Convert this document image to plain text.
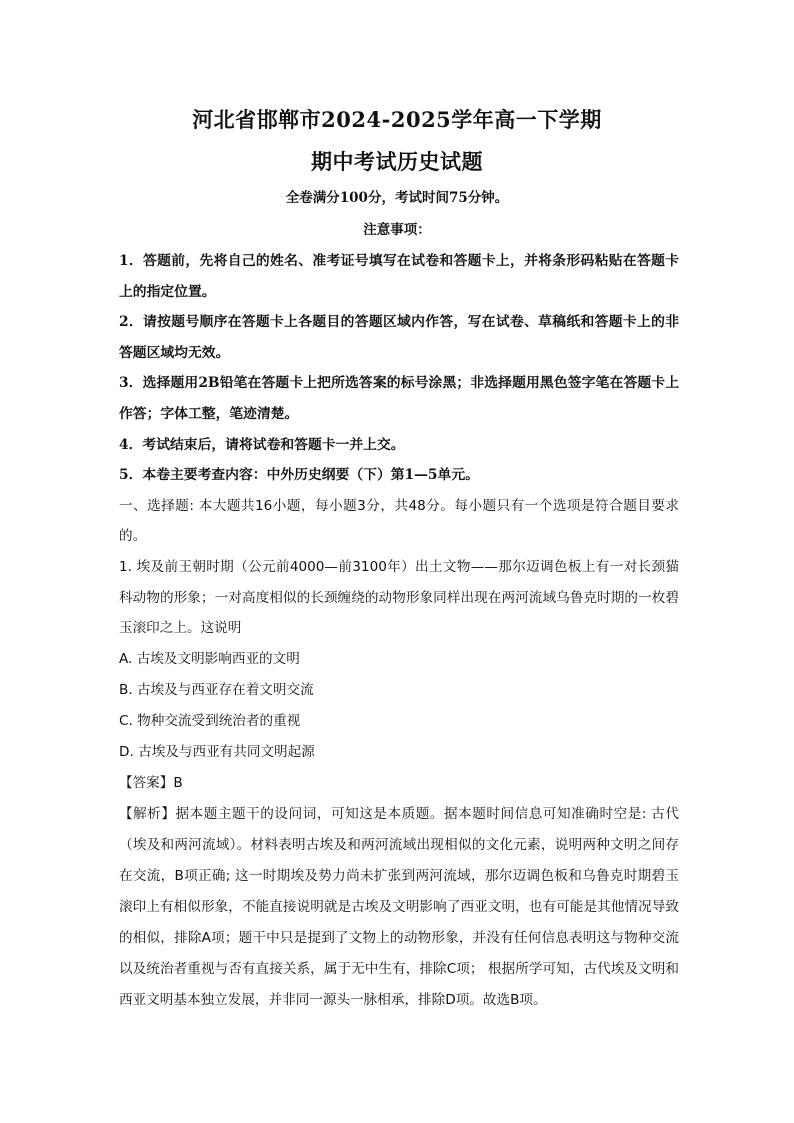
河北省邯郸市2024-2025学年高一下学期
期中考试历史试题
全卷满分100分，考试时间75分钟。
注意事项：

1．答题前，先将自己的姓名、准考证号填写在试卷和答题卡上，并将条形码粘贴在答题卡上的指定位置。

2．请按题号顺序在答题卡上各题目的答题区域内作答，写在试卷、草稿纸和答题卡上的非答题区域均无效。

3．选择题用2B铅笔在答题卡上把所选答案的标号涂黑；非选择题用黑色签字笔在答题卡上作答；字体工整，笔迹清楚。

4．考试结束后，请将试卷和答题卡一并上交。

5．本卷主要考查内容：中外历史纲要（下）第1—5单元。

一、选择题: 本大题共16小题，每小题3分，共48分。每小题只有一个选项是符合题目要求的。

1. 埃及前王朝时期（公元前4000—前3100年）出土文物——那尔迈调色板上有一对长颈猫科动物的形象；一对高度相似的长颈缠绕的动物形象同样出现在两河流域乌鲁克时期的一枚碧玉滚印之上。这说明

A. 古埃及文明影响西亚的文明

B. 古埃及与西亚存在着文明交流

C. 物种交流受到统治者的重视

D. 古埃及与西亚有共同文明起源

【答案】B

【解析】据本题主题干的设问词，可知这是本质题。据本题时间信息可知准确时空是: 古代（埃及和两河流域）。材料表明古埃及和两河流域出现相似的文化元素，说明两种文明之间存在交流，B项正确; 这一时期埃及势力尚未扩张到两河流域，那尔迈调色板和乌鲁克时期碧玉滚印上有相似形象，不能直接说明就是古埃及文明影响了西亚文明，也有可能是其他情况导致的相似，排除A项；题干中只是提到了文物上的动物形象，并没有任何信息表明这与物种交流以及统治者重视与否有直接关系，属于无中生有，排除C项； 根据所学可知，古代埃及文明和西亚文明基本独立发展，并非同一源头一脉相承，排除D项。故选B项。
